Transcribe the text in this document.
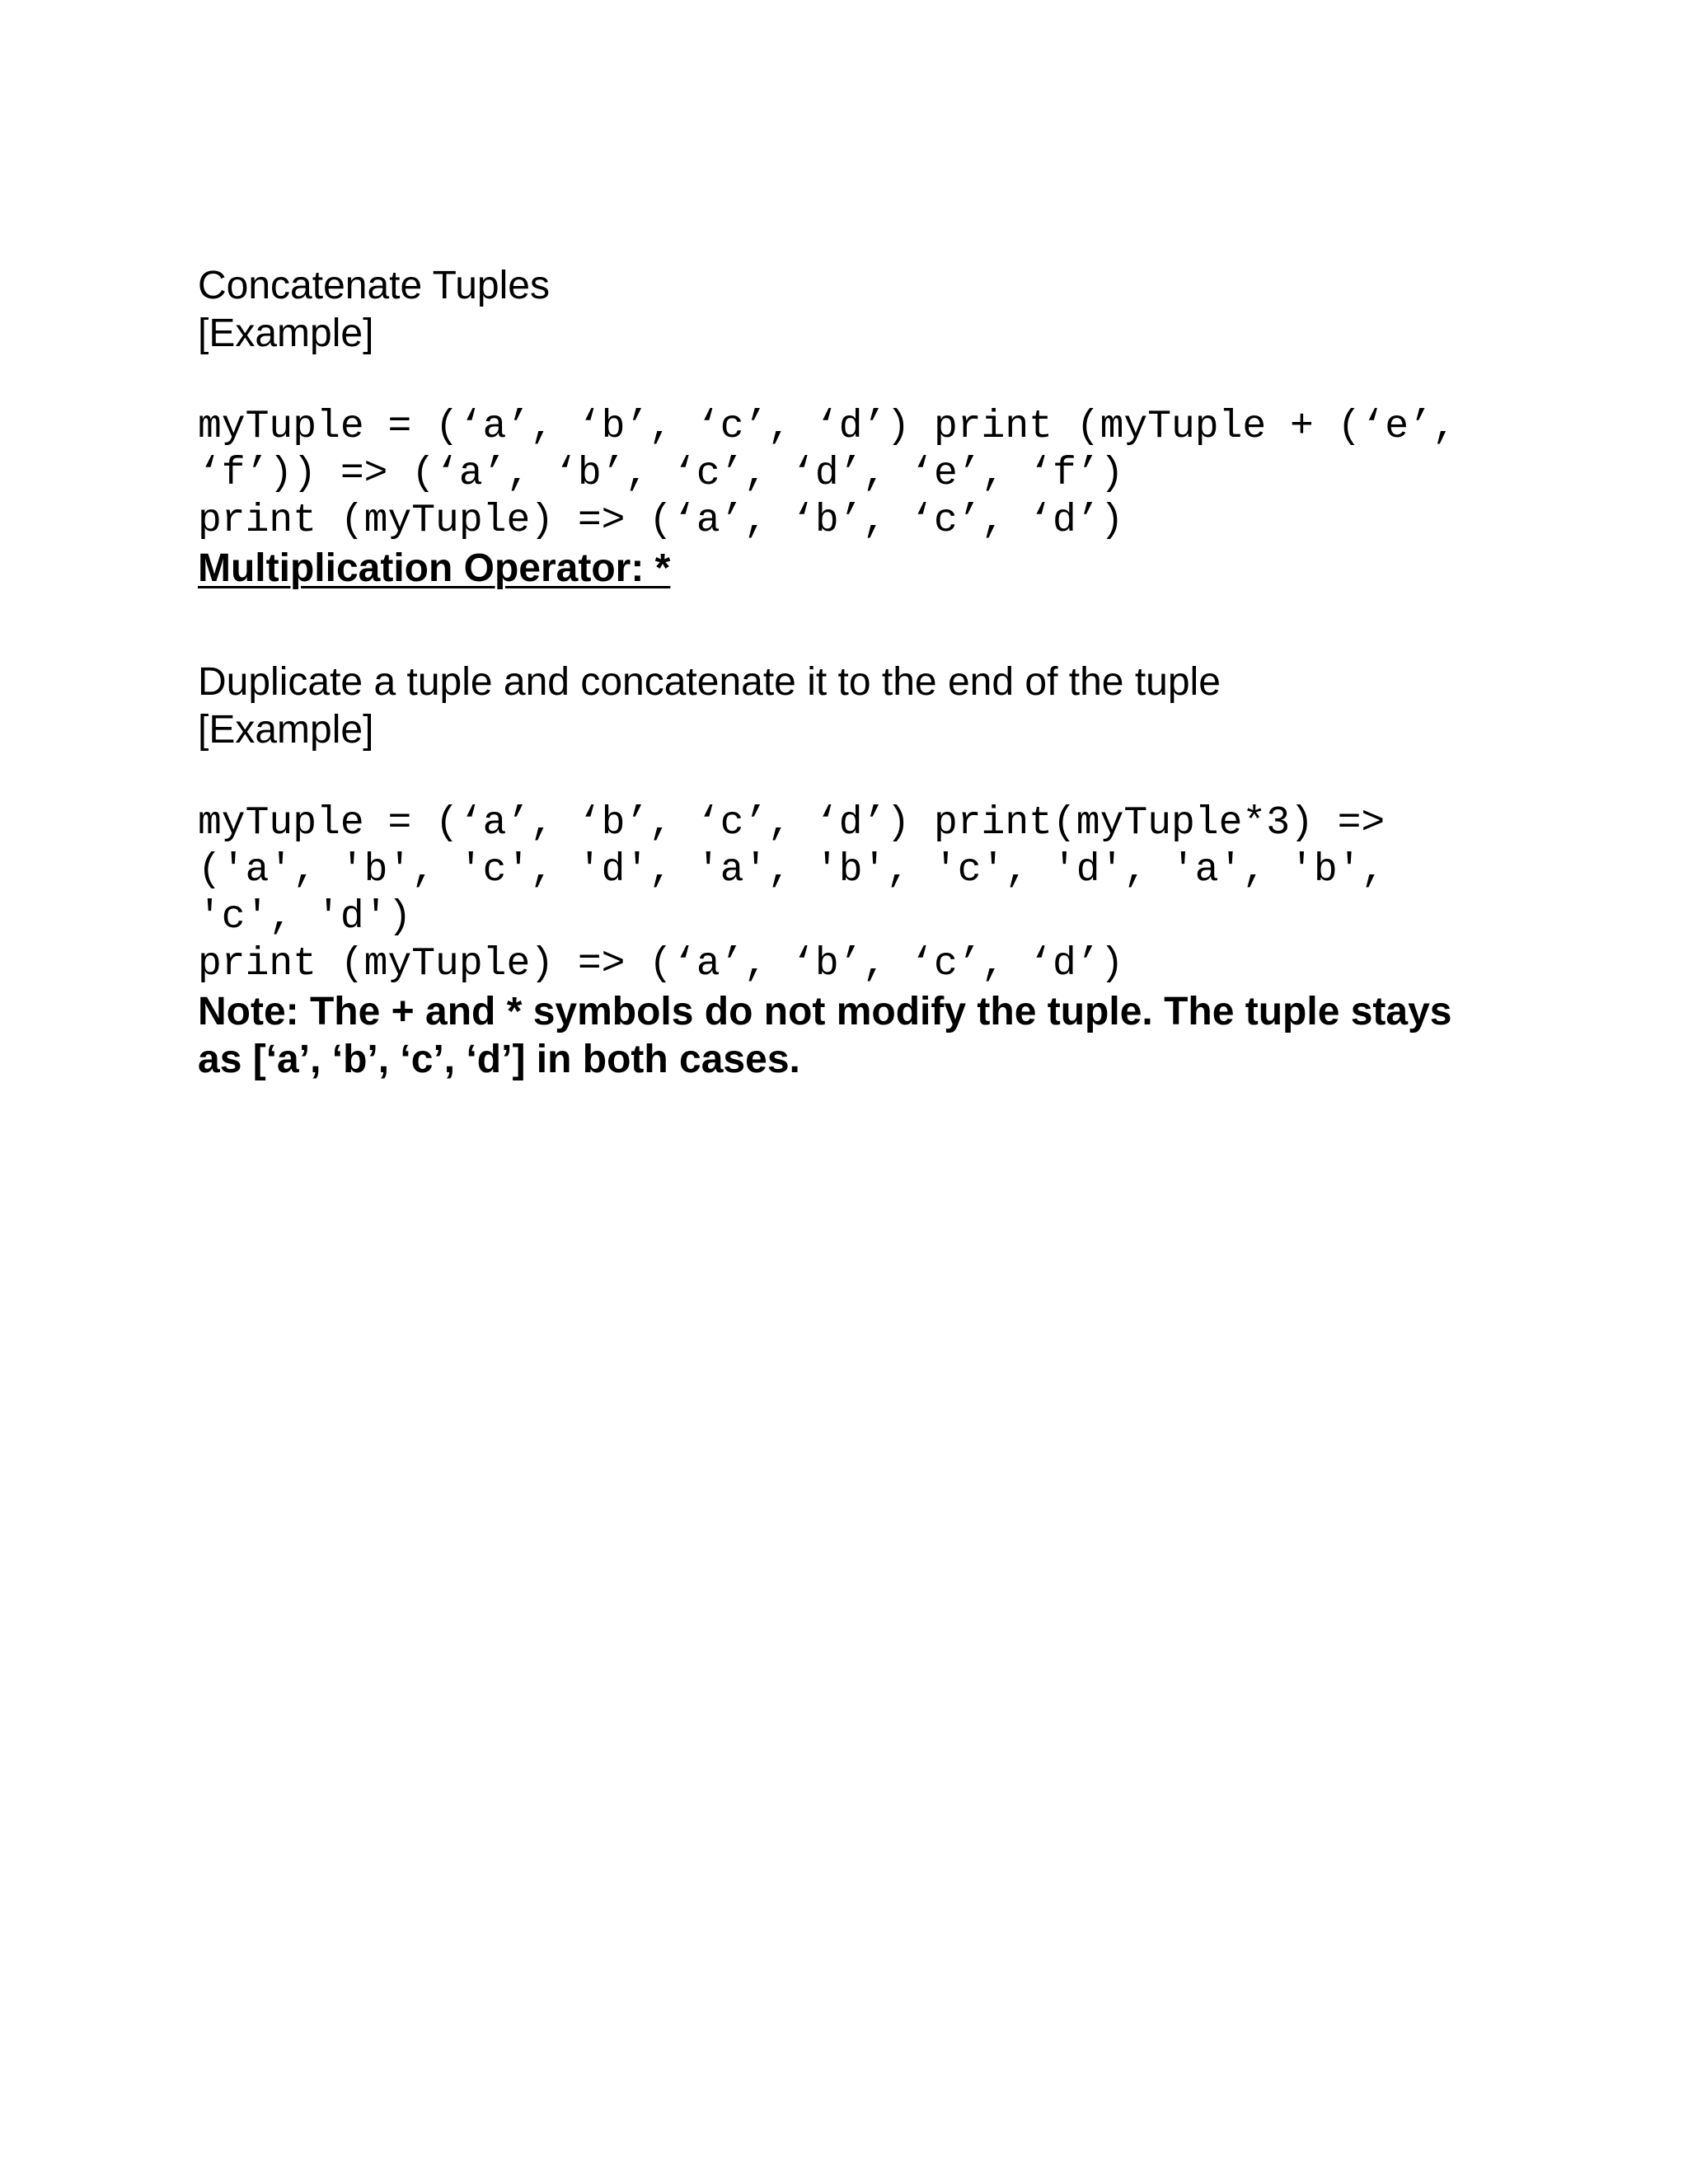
Concatenate Tuples
[Example]
myTuple = (‘a’, ‘b’, ‘c’, ‘d’) print (myTuple + (‘e’,
‘f’)) => (‘a’, ‘b’, ‘c’, ‘d’, ‘e’, ‘f’)
print (myTuple) => (‘a’, ‘b’, ‘c’, ‘d’)
Multiplication Operator: *
Duplicate a tuple and concatenate it to the end of the tuple
[Example]
myTuple = (‘a’, ‘b’, ‘c’, ‘d’) print(myTuple*3) =>
('a', 'b', 'c', 'd', 'a', 'b', 'c', 'd', 'a', 'b',
'c', 'd')
print (myTuple) => (‘a’, ‘b’, ‘c’, ‘d’)
Note: The + and * symbols do not modify the tuple. The tuple stays
as [‘a’, ‘b’, ‘c’, ‘d’] in both cases.
